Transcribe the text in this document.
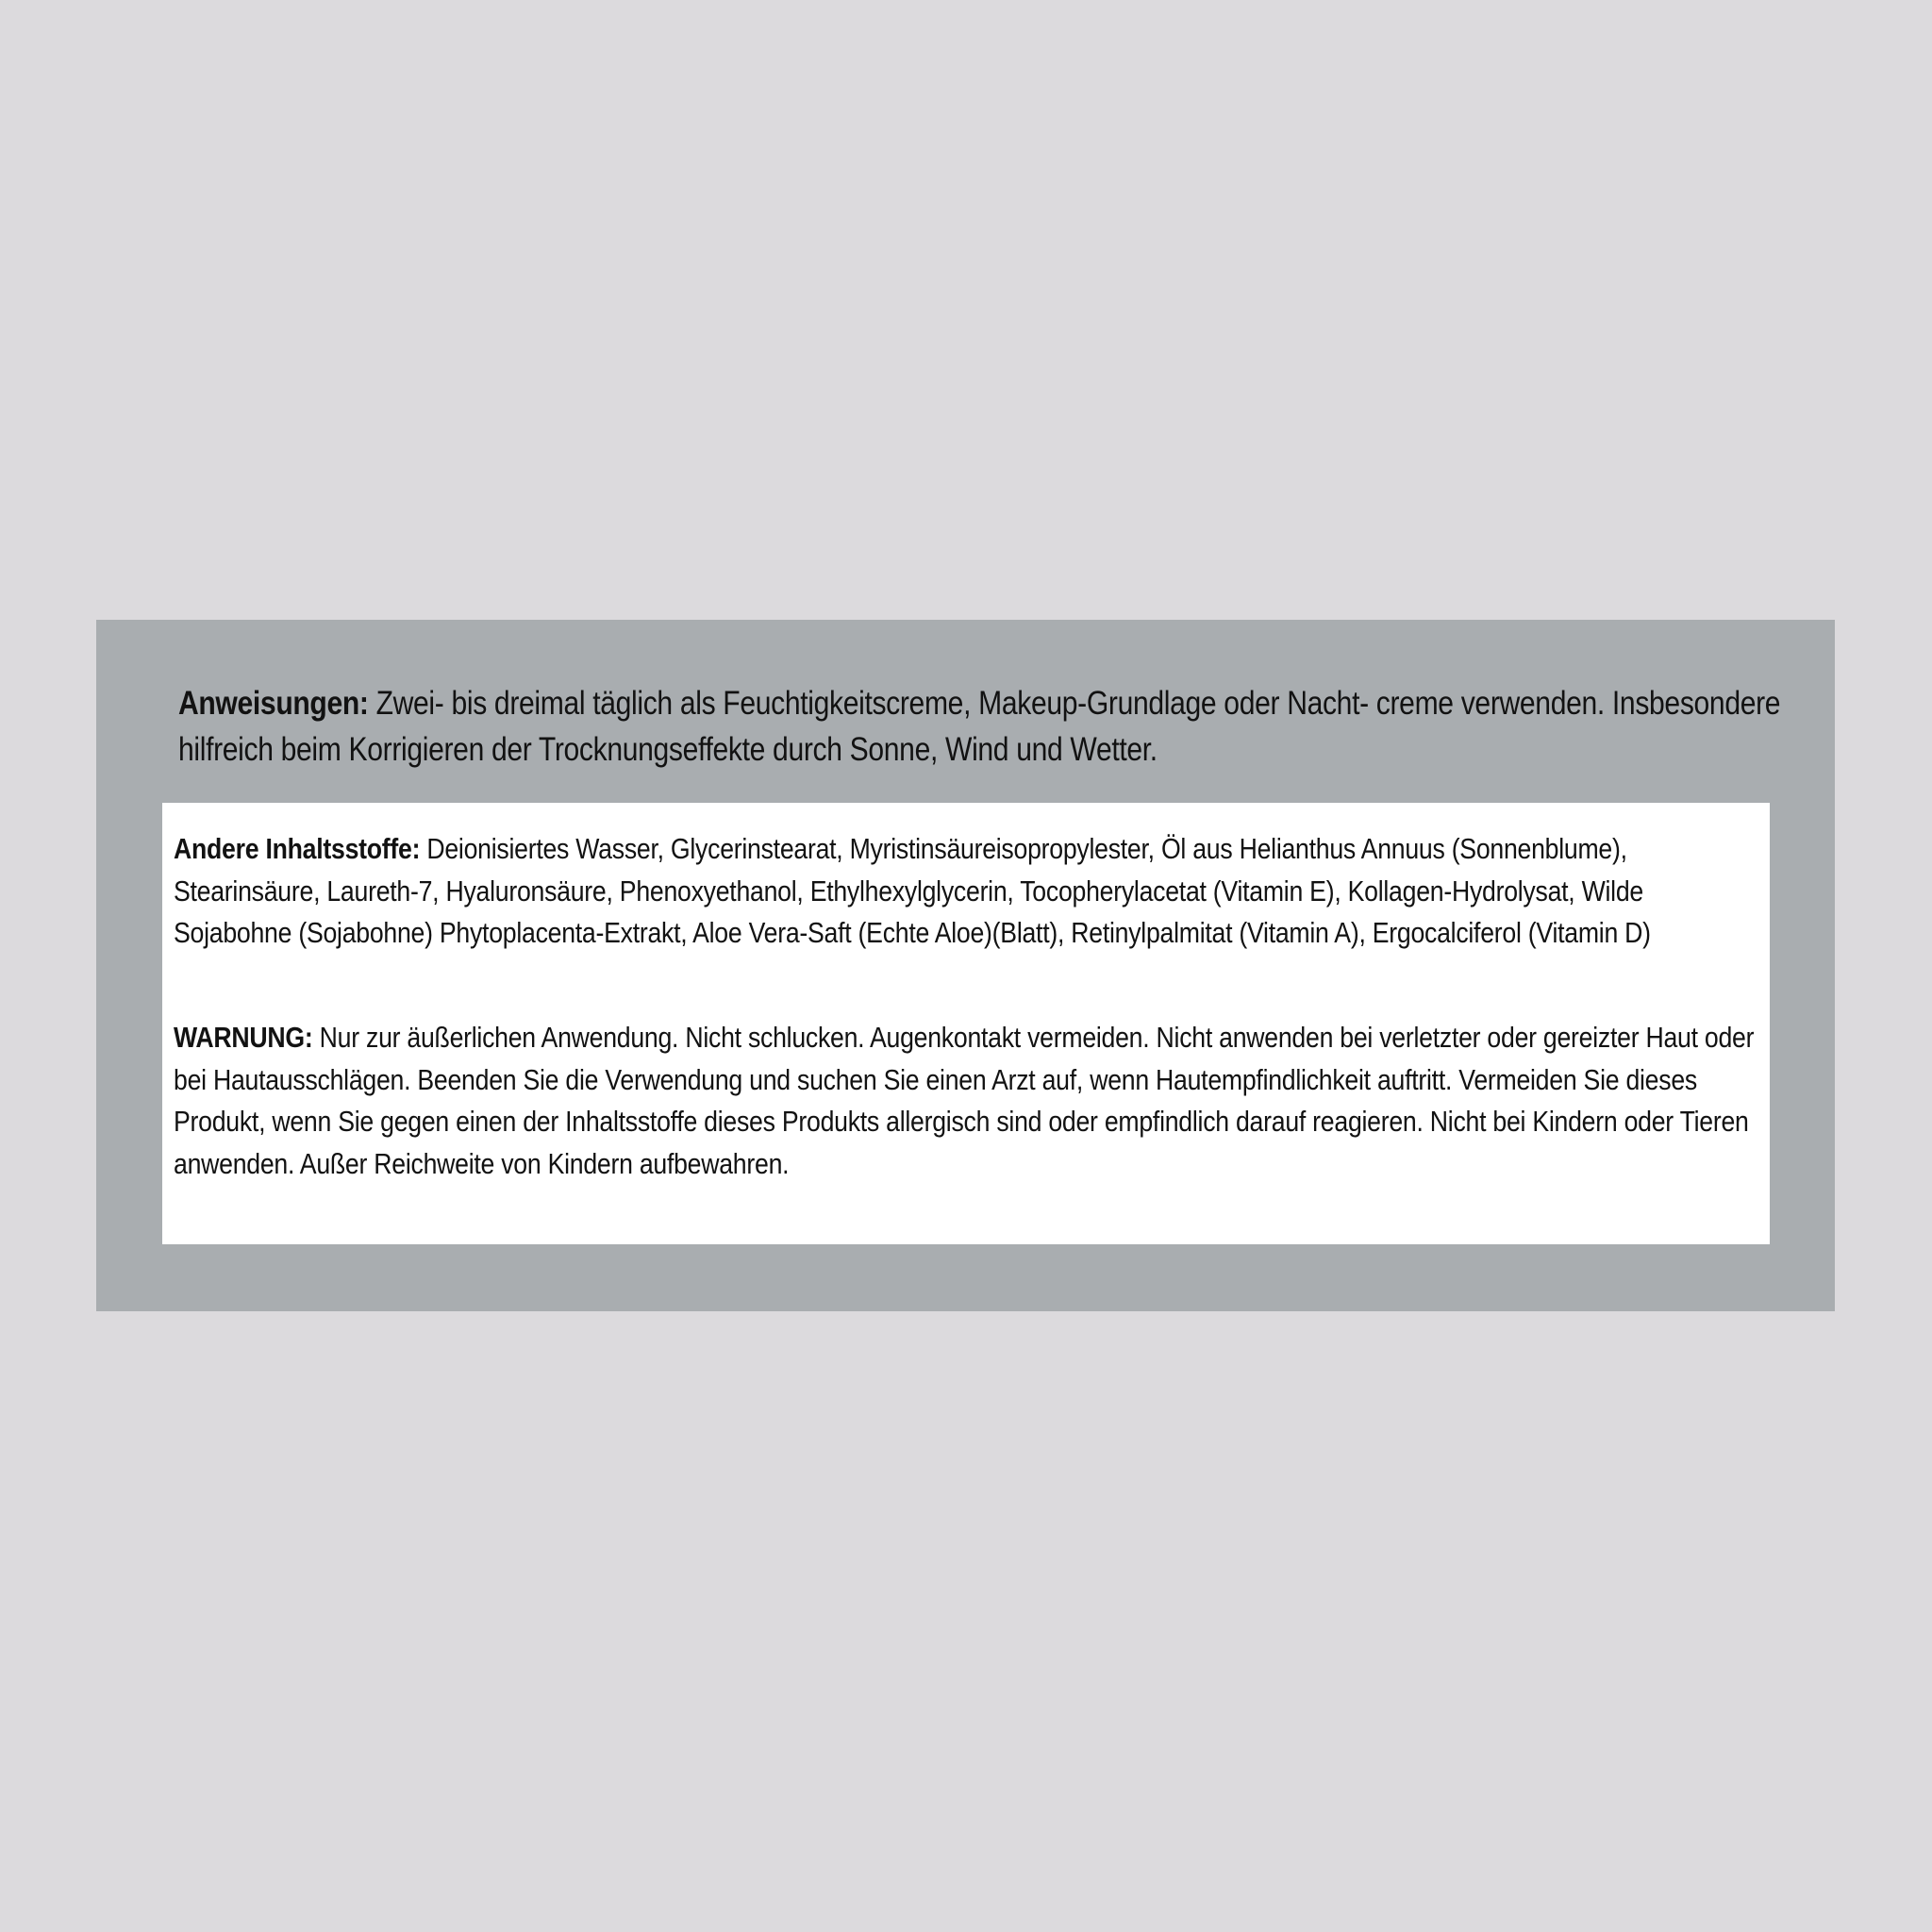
Anweisungen: Zwei- bis dreimal täglich als Feuchtigkeitscreme, Makeup-Grundlage oder Nacht- creme verwenden. Insbesondere hilfreich beim Korrigieren der Trocknungseffekte durch Sonne, Wind und Wetter.

Andere Inhaltsstoffe: Deionisiertes Wasser, Glycerinstearat, Myristinsäureisopropylester, Öl aus Helianthus Annuus (Sonnenblume), Stearinsäure, Laureth-7, Hyaluronsäure, Phenoxyethanol, Ethylhexylglycerin, Tocopherylacetat (Vitamin E), Kollagen-Hydrolysat, Wilde Sojabohne (Sojabohne) Phytoplacenta-Extrakt, Aloe Vera-Saft (Echte Aloe)(Blatt), Retinylpalmitat (Vitamin A), Ergocalciferol (Vitamin D)

WARNUNG: Nur zur äußerlichen Anwendung. Nicht schlucken. Augenkontakt vermeiden. Nicht anwenden bei verletzter oder gereizter Haut oder bei Hautausschlägen. Beenden Sie die Verwendung und suchen Sie einen Arzt auf, wenn Hautempfindlichkeit auftritt. Vermeiden Sie dieses Produkt, wenn Sie gegen einen der Inhaltsstoffe dieses Produkts allergisch sind oder empfindlich darauf reagieren. Nicht bei Kindern oder Tieren anwenden. Außer Reichweite von Kindern aufbewahren.
